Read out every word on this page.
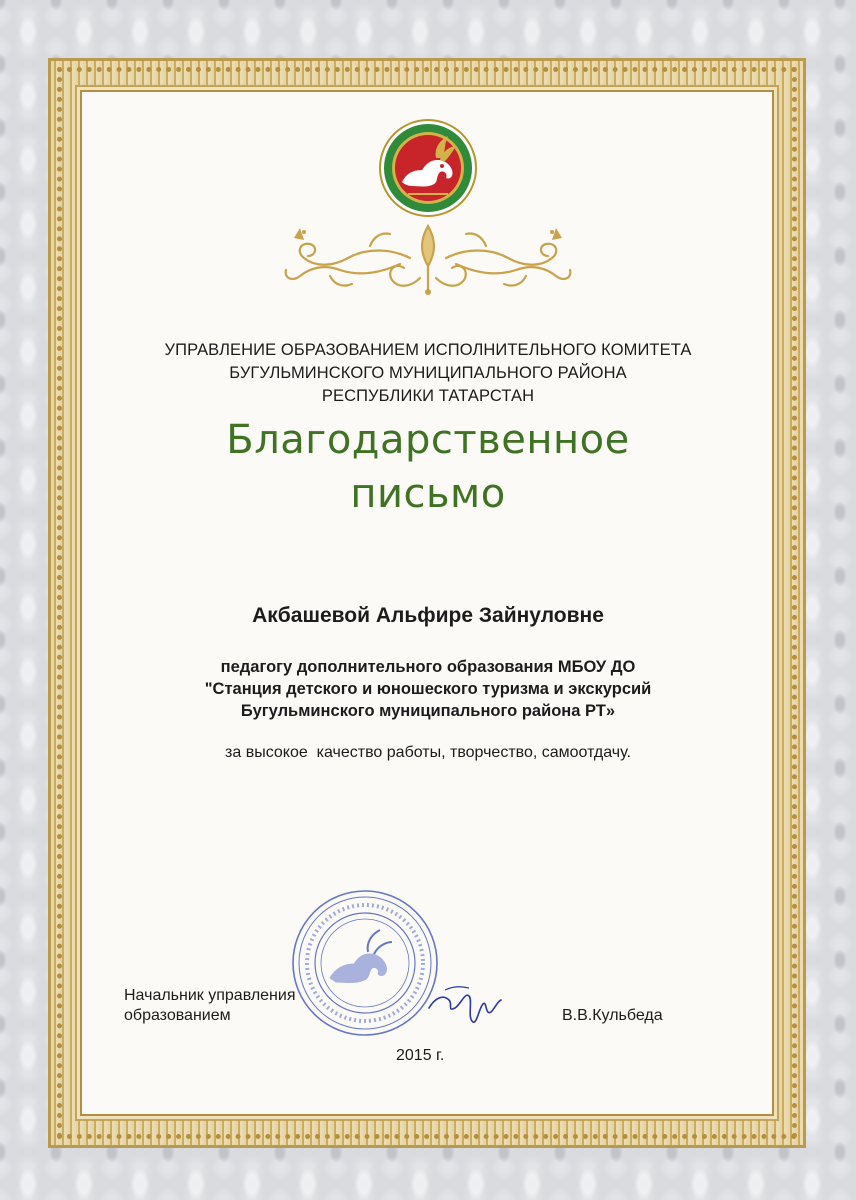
УПРАВЛЕНИЕ ОБРАЗОВАНИЕМ ИСПОЛНИТЕЛЬНОГО КОМИТЕТА

БУГУЛЬМИНСКОГО МУНИЦИПАЛЬНОГО РАЙОНА

РЕСПУБЛИКИ ТАТАРСТАН

Благодарственное

письмо

Акбашевой Альфире Зайнуловне

педагогу дополнительного образования МБОУ ДО

"Станция детского и юношеского туризма и экскурсий

Бугульминского муниципального района РТ»

за высокое  качество работы, творчество, самоотдачу.

Начальник управления
образованием	В.В.Кульбеда
2015 г.
